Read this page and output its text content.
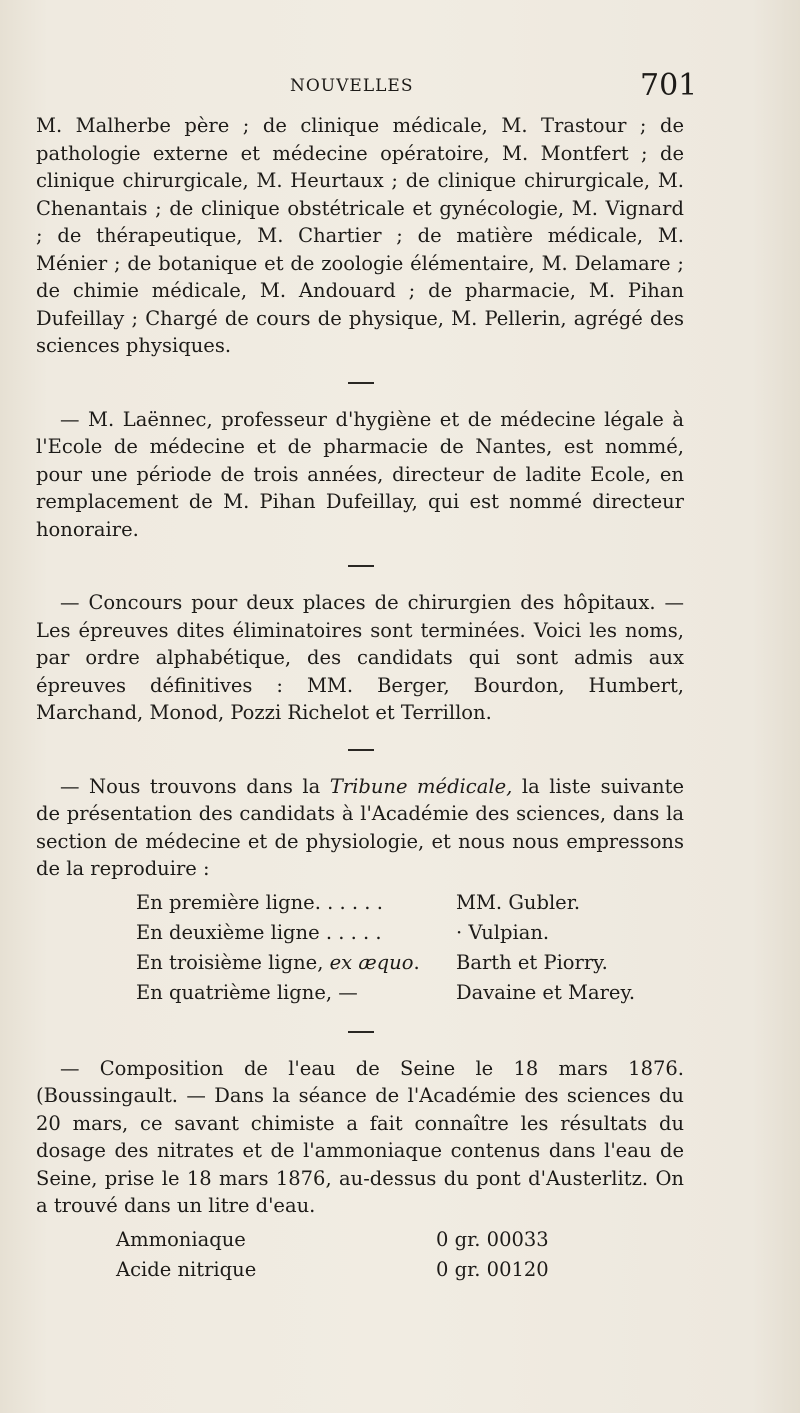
NOUVELLES	701

M. Malherbe père ; de clinique médicale, M. Trastour ; de pathologie externe et médecine opératoire, M. Montfert ; de clinique chirurgicale, M. Heurtaux ; de clinique chirurgicale, M. Chenantais ; de clinique obstétricale et gynécologie, M. Vignard ; de thérapeutique, M. Chartier ; de matière médicale, M. Ménier ; de botanique et de zoologie élémentaire, M. Delamare ; de chimie médicale, M. Andouard ; de pharmacie, M. Pihan Dufeillay ; Chargé de cours de physique, M. Pellerin, agrégé des sciences physiques.

— M. Laënnec, professeur d'hygiène et de médecine légale à l'Ecole de médecine et de pharmacie de Nantes, est nommé, pour une période de trois années, directeur de ladite Ecole, en remplacement de M. Pihan Dufeillay, qui est nommé directeur honoraire.

— Concours pour deux places de chirurgien des hôpitaux. — Les épreuves dites éliminatoires sont terminées. Voici les noms, par ordre alphabétique, des candidats qui sont admis aux épreuves définitives : MM. Berger, Bourdon, Humbert, Marchand, Monod, Pozzi Richelot et Terrillon.

— Nous trouvons dans la Tribune médicale, la liste suivante de présentation des candidats à l'Académie des sciences, dans la section de médecine et de physiologie, et nous nous empressons de la reproduire :

En première ligne. . . . . .	MM. Gubler.
En deuxième ligne . . . . .	· Vulpian.
En troisième ligne, ex æquo.	Barth et Piorry.
En quatrième ligne, —	Davaine et Marey.

— Composition de l'eau de Seine le 18 mars 1876. (Boussingault. — Dans la séance de l'Académie des sciences du 20 mars, ce savant chimiste a fait connaître les résultats du dosage des nitrates et de l'ammoniaque contenus dans l'eau de Seine, prise le 18 mars 1876, au-dessus du pont d'Austerlitz. On a trouvé dans un litre d'eau.

Ammoniaque	0 gr. 00033
Acide nitrique	0 gr. 00120
